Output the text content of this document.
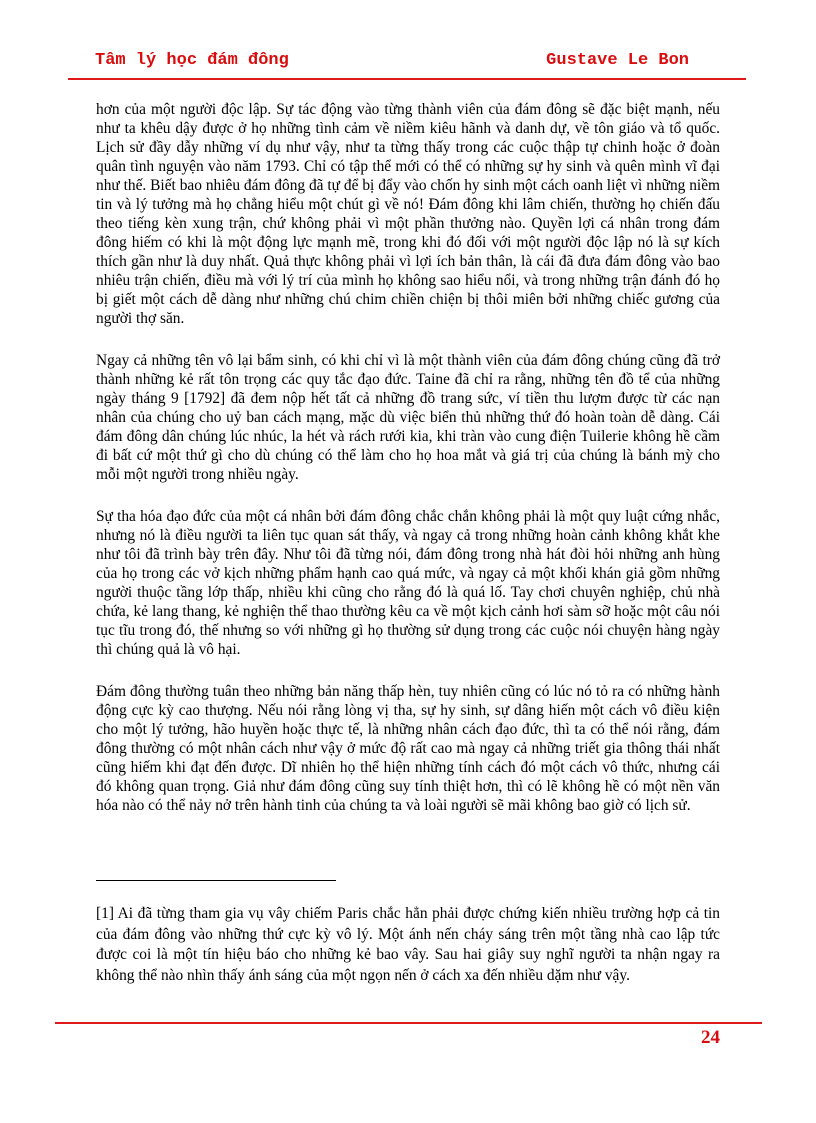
Tâm lý học đám đông	Gustave Le Bon

hơn của một người độc lập. Sự tác động vào từng thành viên của đám đông sẽ đặc biệt mạnh, nếu như ta khêu dậy được ở họ những tình cảm về niềm kiêu hãnh và danh dự, về tôn giáo và tổ quốc. Lịch sử đầy dẫy những ví dụ như vậy, như ta từng thấy trong các cuộc thập tự chinh hoặc ở đoàn quân tình nguyện vào năm 1793. Chỉ có tập thể mới có thể có những sự hy sinh và quên mình vĩ đại như thế. Biết bao nhiêu đám đông đã tự để bị đẩy vào chốn hy sinh một cách oanh liệt vì những niềm tin và lý tưởng mà họ chẳng hiểu một chút gì về nó! Đám đông khi lâm chiến, thường họ chiến đấu theo tiếng kèn xung trận, chứ không phải vì một phần thưởng nào. Quyền lợi cá nhân trong đám đông hiếm có khi là một động lực mạnh mẽ, trong khi đó đối với một người độc lập nó là sự kích thích gần như là duy nhất. Quả thực không phải vì lợi ích bản thân, là cái đã đưa đám đông vào bao nhiêu trận chiến, điều mà với lý trí của mình họ không sao hiểu nổi, và trong những trận đánh đó họ bị giết một cách dễ dàng như những chú chim chiền chiện bị thôi miên bởi những chiếc gương của người thợ săn.

Ngay cả những tên vô lại bẩm sinh, có khi chỉ vì là một thành viên của đám đông chúng cũng đã trở thành những kẻ rất tôn trọng các quy tắc đạo đức. Taine đã chỉ ra rằng, những tên đồ tể của những ngày tháng 9 [1792] đã đem nộp hết tất cả những đồ trang sức, ví tiền thu lượm được từ các nạn nhân của chúng cho uỷ ban cách mạng, mặc dù việc biển thủ những thứ đó hoàn toàn dễ dàng. Cái đám đông dân chúng lúc nhúc, la hét và rách rưới kia, khi tràn vào cung điện Tuilerie không hề cầm đi bất cứ một thứ gì cho dù chúng có thể làm cho họ hoa mắt và giá trị của chúng là bánh mỳ cho mỗi một người trong nhiều ngày.

Sự tha hóa đạo đức của một cá nhân bởi đám đông chắc chắn không phải là một quy luật cứng nhắc, nhưng nó là điều người ta liên tục quan sát thấy, và ngay cả trong những hoàn cảnh không khắt khe như tôi đã trình bày trên đây. Như tôi đã từng nói, đám đông trong nhà hát đòi hỏi những anh hùng của họ trong các vở kịch những phẩm hạnh cao quá mức, và ngay cả một khối khán giả gồm những người thuộc tầng lớp thấp, nhiều khi cũng cho rằng đó là quá lố. Tay chơi chuyên nghiệp, chủ nhà chứa, kẻ lang thang, kẻ nghiện thể thao thường kêu ca về một kịch cảnh hơi sàm sỡ hoặc một câu nói tục tĩu trong đó, thế nhưng so với những gì họ thường sử dụng trong các cuộc nói chuyện hàng ngày thì chúng quả là vô hại.

Đám đông thường tuân theo những bản năng thấp hèn, tuy nhiên cũng có lúc nó tỏ ra có những hành động cực kỳ cao thượng. Nếu nói rằng lòng vị tha, sự hy sinh, sự dâng hiến một cách vô điều kiện cho một lý tưởng, hão huyền hoặc thực tế, là những nhân cách đạo đức, thì ta có thể nói rằng, đám đông thường có một nhân cách như vậy ở mức độ rất cao mà ngay cả những triết gia thông thái nhất cũng hiếm khi đạt đến được. Dĩ nhiên họ thể hiện những tính cách đó một cách vô thức, nhưng cái đó không quan trọng. Giả như đám đông cũng suy tính thiệt hơn, thì có lẽ không hề có một nền văn hóa nào có thể nảy nở trên hành tinh của chúng ta và loài người sẽ mãi không bao giờ có lịch sử.

[1] Ai đã từng tham gia vụ vây chiếm Paris chắc hẳn phải được chứng kiến nhiều trường hợp cả tin của đám đông vào những thứ cực kỳ vô lý. Một ánh nến cháy sáng trên một tầng nhà cao lập tức được coi là một tín hiệu báo cho những kẻ bao vây. Sau hai giây suy nghĩ người ta nhận ngay ra không thể nào nhìn thấy ánh sáng của một ngọn nến ở cách xa đến nhiều dặm như vậy.

24
